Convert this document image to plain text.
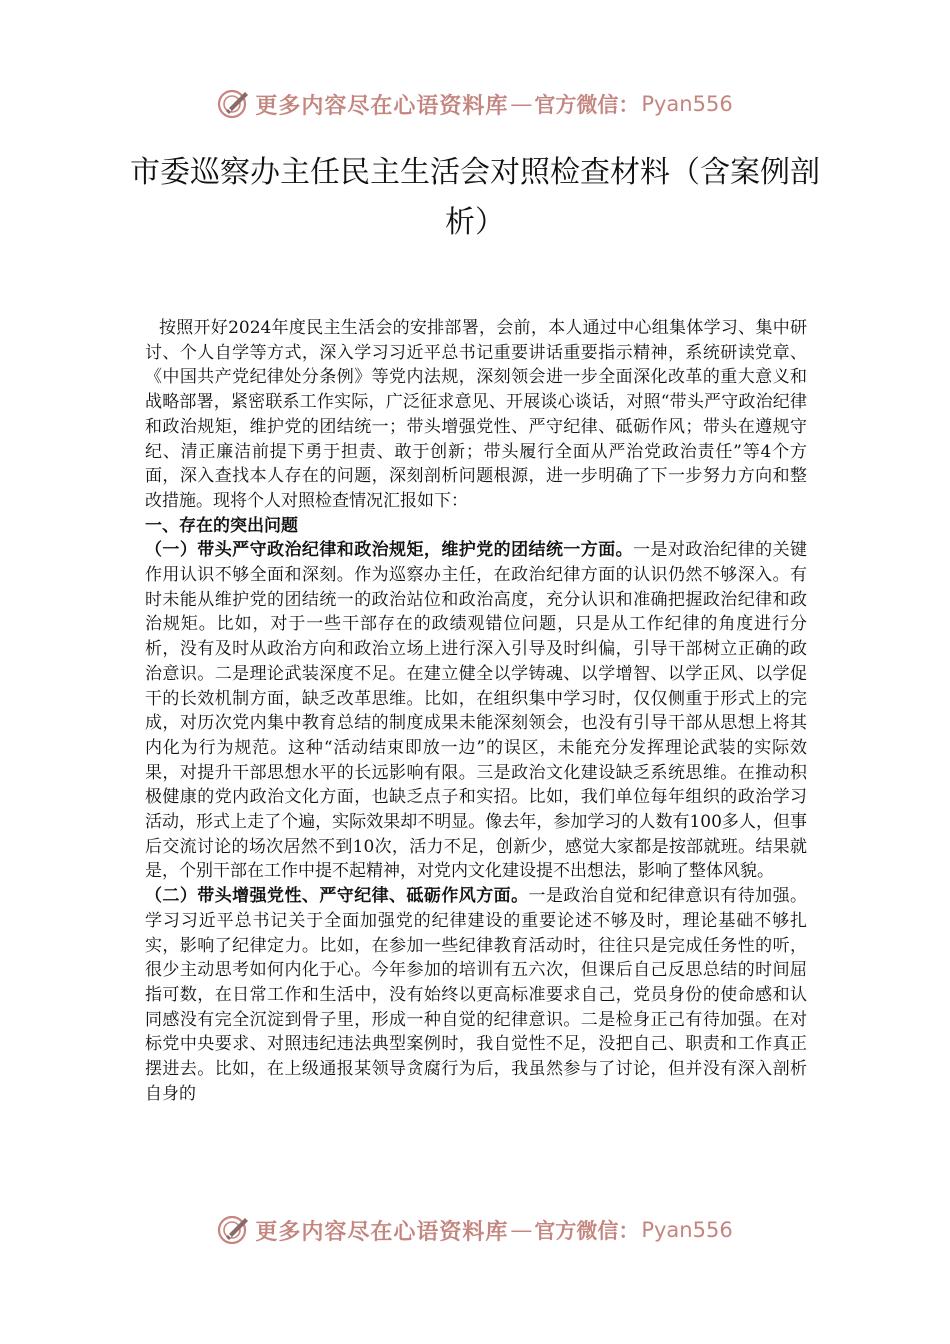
更多内容尽在心语资料库 — 官方微信： Pyan556
市委巡察办主任民主生活会对照检查材料（含案例剖析）

按照开好2024年度民主生活会的安排部署，会前，本人通过中心组集体学习、集中研讨、个人自学等方式，深入学习习近平总书记重要讲话重要指示精神，系统研读党章、《中国共产党纪律处分条例》等党内法规，深刻领会进一步全面深化改革的重大意义和战略部署，紧密联系工作实际，广泛征求意见、开展谈心谈话，对照“带头严守政治纪律和政治规矩，维护党的团结统一；带头增强党性、严守纪律、砥砺作风；带头在遵规守纪、清正廉洁前提下勇于担责、敢于创新；带头履行全面从严治党政治责任”等4个方面，深入查找本人存在的问题，深刻剖析问题根源，进一步明确了下一步努力方向和整改措施。现将个人对照检查情况汇报如下：

一、存在的突出问题

（一）带头严守政治纪律和政治规矩，维护党的团结统一方面。一是对政治纪律的关键作用认识不够全面和深刻。作为巡察办主任，在政治纪律方面的认识仍然不够深入。有时未能从维护党的团结统一的政治站位和政治高度，充分认识和准确把握政治纪律和政治规矩。比如，对于一些干部存在的政绩观错位问题，只是从工作纪律的角度进行分析，没有及时从政治方向和政治立场上进行深入引导及时纠偏，引导干部树立正确的政治意识。二是理论武装深度不足。在建立健全以学铸魂、以学增智、以学正风、以学促干的长效机制方面，缺乏改革思维。比如，在组织集中学习时，仅仅侧重于形式上的完成，对历次党内集中教育总结的制度成果未能深刻领会，也没有引导干部从思想上将其内化为行为规范。这种“活动结束即放一边”的误区，未能充分发挥理论武装的实际效果，对提升干部思想水平的长远影响有限。三是政治文化建设缺乏系统思维。在推动积极健康的党内政治文化方面，也缺乏点子和实招。比如，我们单位每年组织的政治学习活动，形式上走了个遍，实际效果却不明显。像去年，参加学习的人数有100多人，但事后交流讨论的场次居然不到10次，活力不足，创新少，感觉大家都是按部就班。结果就是，个别干部在工作中提不起精神，对党内文化建设提不出想法，影响了整体风貌。

（二）带头增强党性、严守纪律、砥砺作风方面。一是政治自觉和纪律意识有待加强。学习习近平总书记关于全面加强党的纪律建设的重要论述不够及时，理论基础不够扎实，影响了纪律定力。比如，在参加一些纪律教育活动时，往往只是完成任务性的听，很少主动思考如何内化于心。今年参加的培训有五六次，但课后自己反思总结的时间屈指可数，在日常工作和生活中，没有始终以更高标准要求自己，党员身份的使命感和认同感没有完全沉淀到骨子里，形成一种自觉的纪律意识。二是检身正己有待加强。在对标党中央要求、对照违纪违法典型案例时，我自觉性不足，没把自己、职责和工作真正摆进去。比如，在上级通报某领导贪腐行为后，我虽然参与了讨论，但并没有深入剖析自身的

更多内容尽在心语资料库 — 官方微信： Pyan556
